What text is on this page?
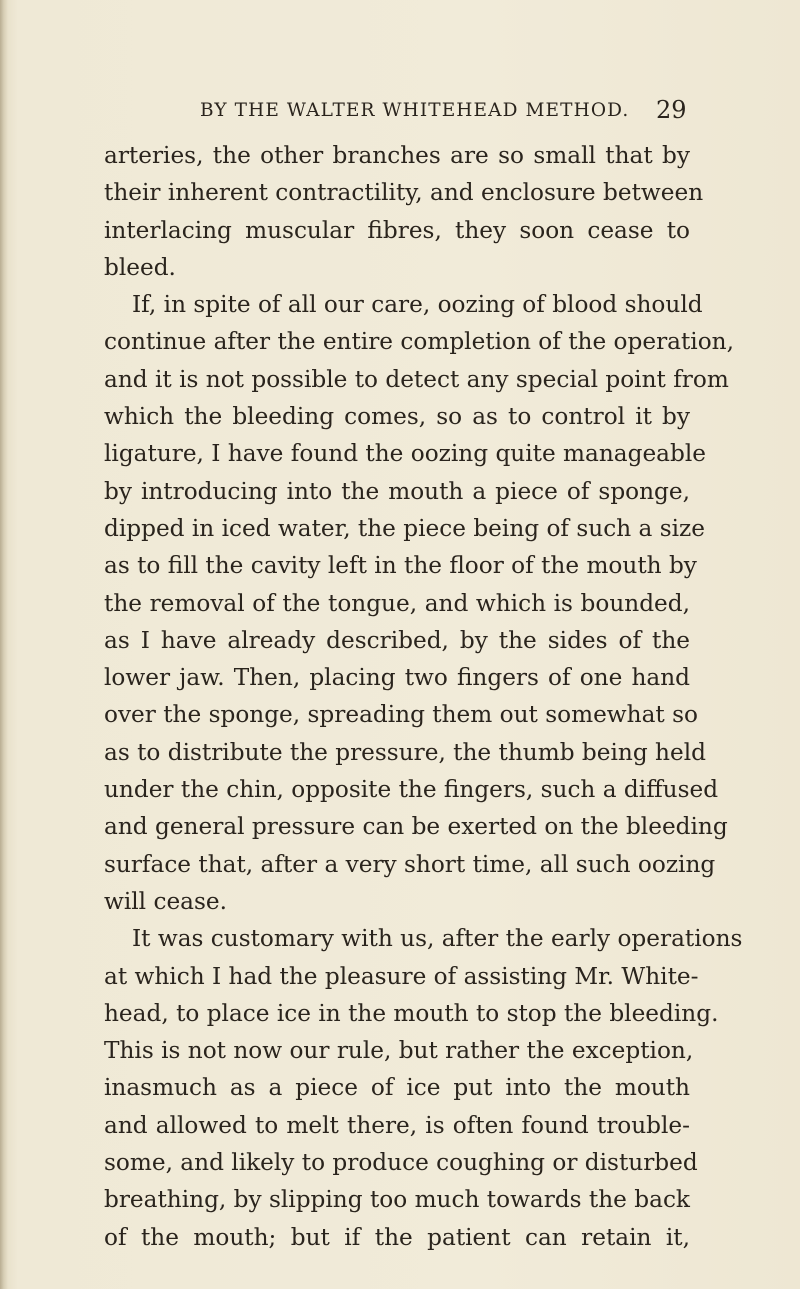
BY THE WALTER WHITEHEAD METHOD. 29
arteries, the other branches are so small that by
their inherent contractility, and enclosure between
interlacing muscular fibres, they soon cease to
bleed.
If, in spite of all our care, oozing of blood should
continue after the entire completion of the operation,
and it is not possible to detect any special point from
which the bleeding comes, so as to control it by
ligature, I have found the oozing quite manageable
by introducing into the mouth a piece of sponge,
dipped in iced water, the piece being of such a size
as to fill the cavity left in the floor of the mouth by
the removal of the tongue, and which is bounded,
as I have already described, by the sides of the
lower jaw. Then, placing two fingers of one hand
over the sponge, spreading them out somewhat so
as to distribute the pressure, the thumb being held
under the chin, opposite the fingers, such a diffused
and general pressure can be exerted on the bleeding
surface that, after a very short time, all such oozing
will cease.
It was customary with us, after the early operations
at which I had the pleasure of assisting Mr. White-
head, to place ice in the mouth to stop the bleeding.
This is not now our rule, but rather the exception,
inasmuch as a piece of ice put into the mouth
and allowed to melt there, is often found trouble-
some, and likely to produce coughing or disturbed
breathing, by slipping too much towards the back
of the mouth; but if the patient can retain it,
